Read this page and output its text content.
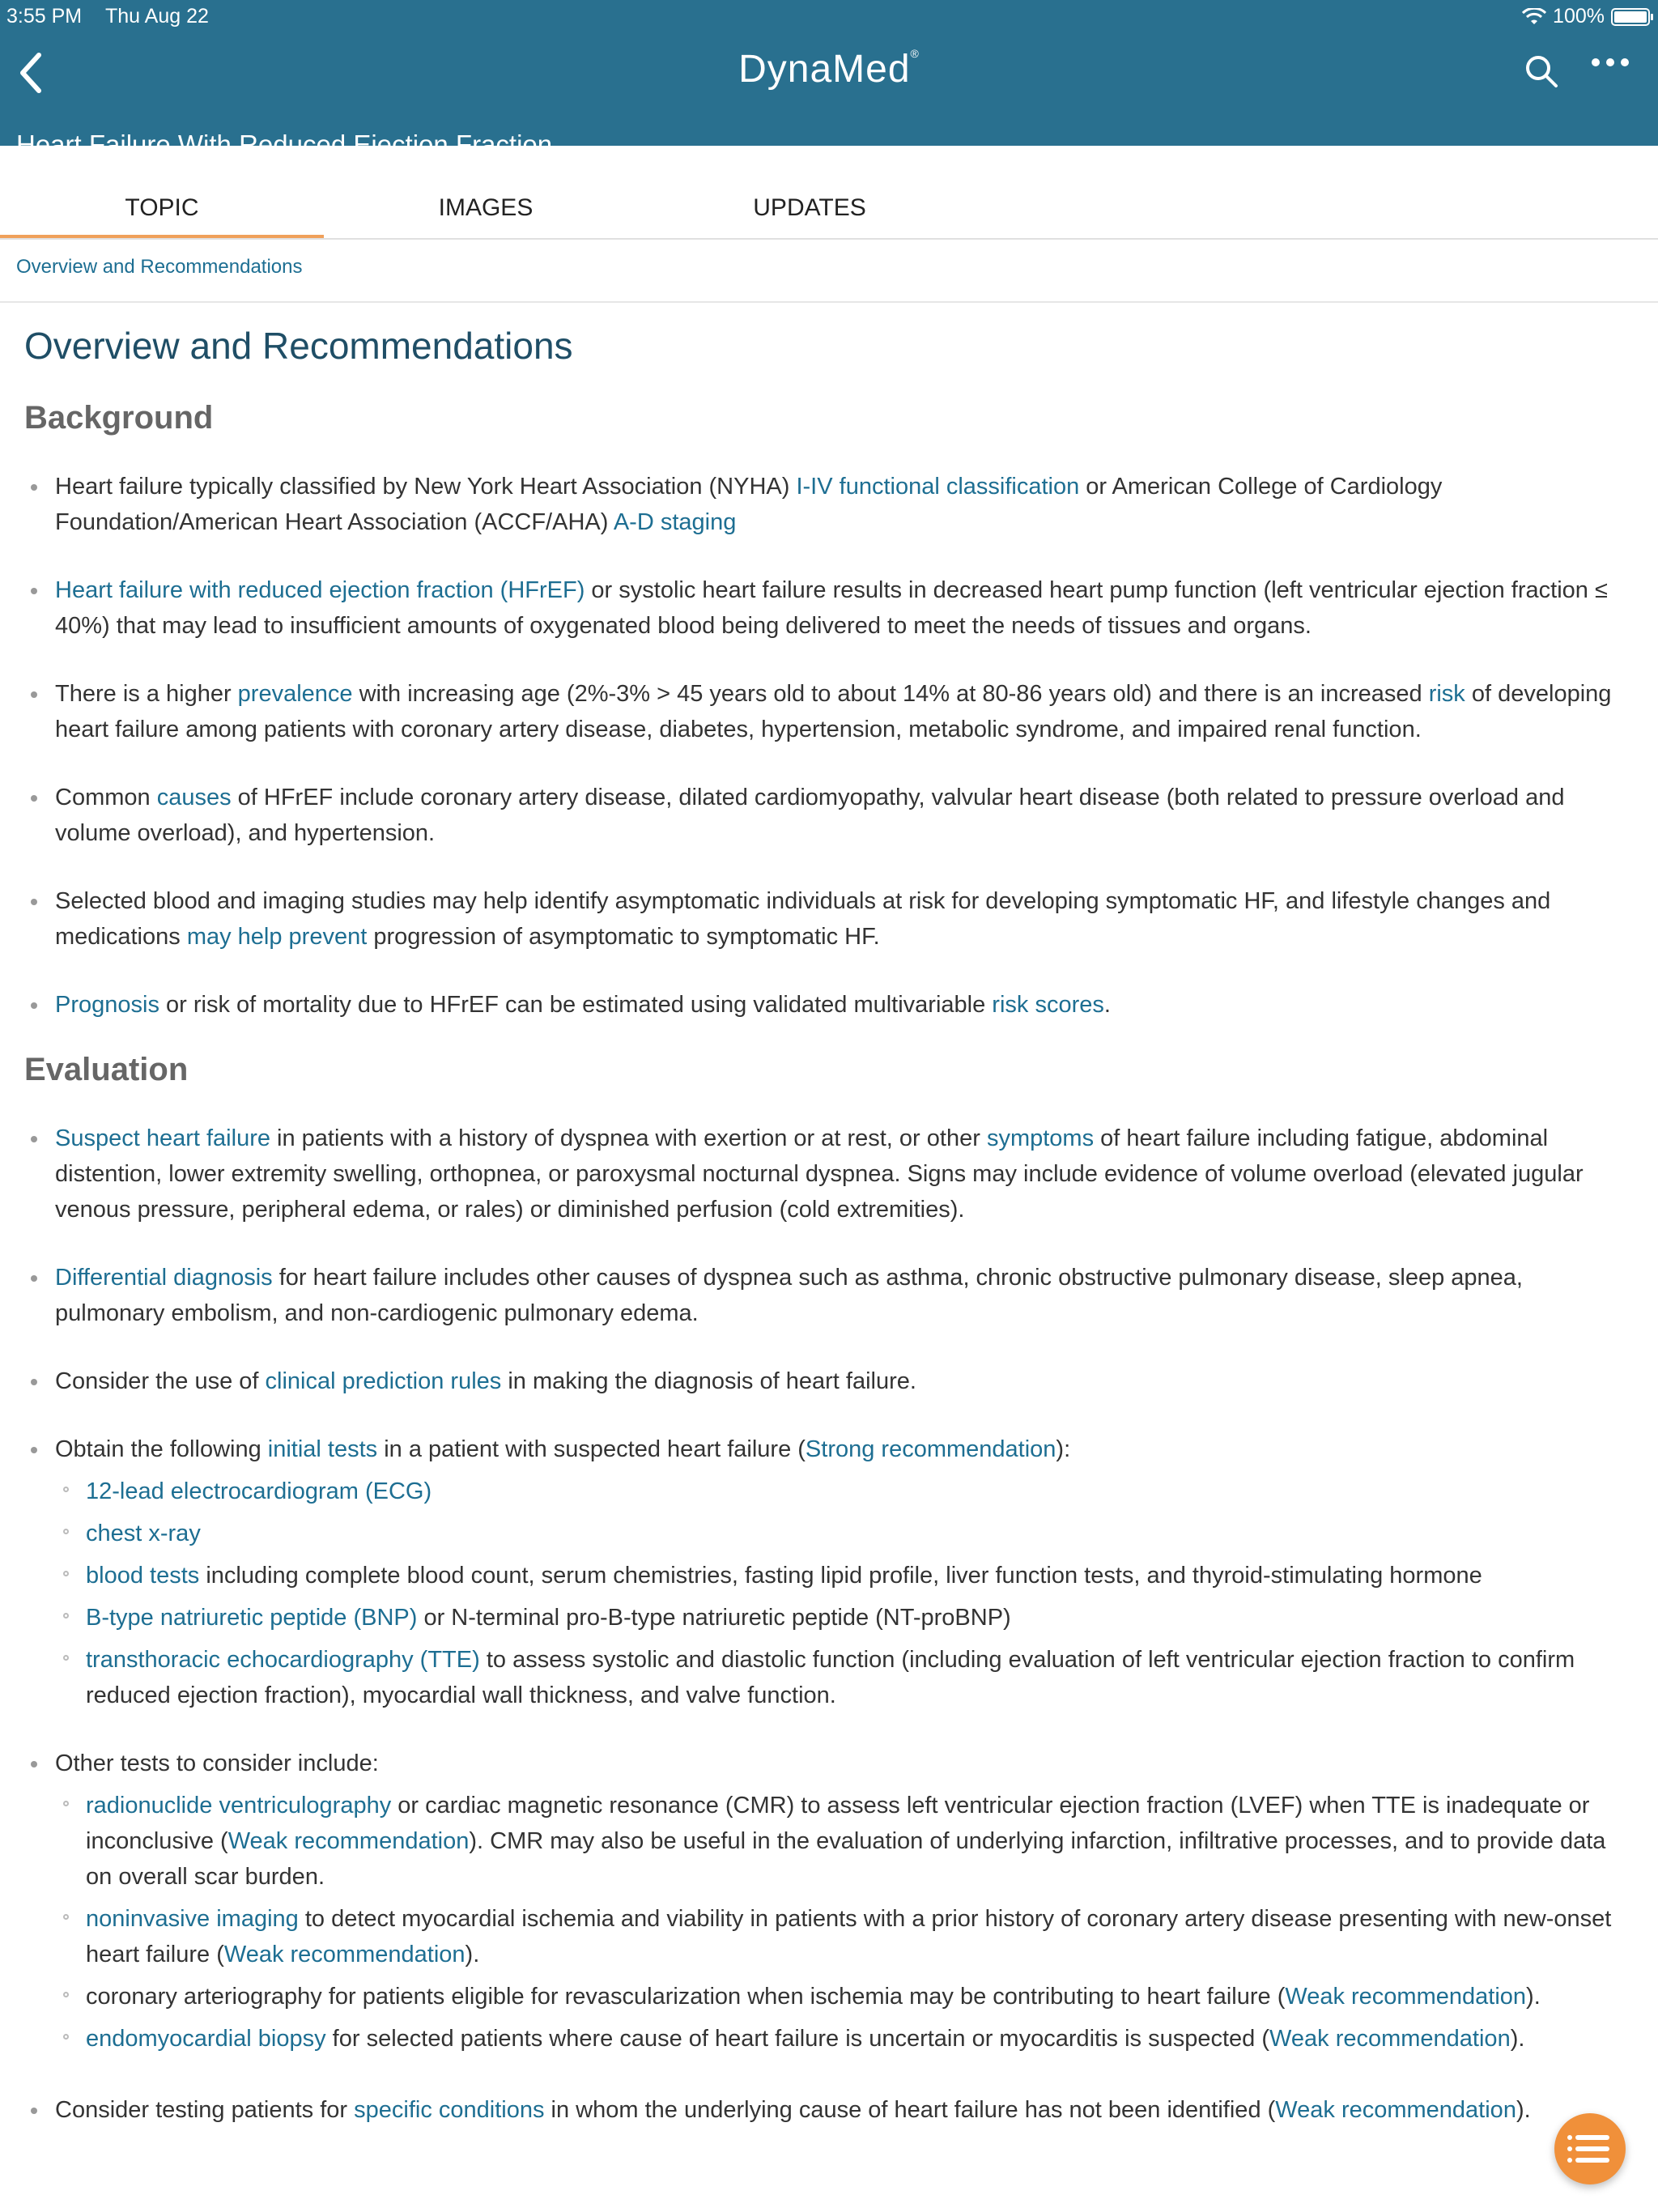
3:55 PM Thu Aug 22	100%
DynaMed®
Heart Failure With Reduced Ejection Fraction
TOPIC	IMAGES	UPDATES
Overview and Recommendations
Overview and Recommendations
Background
Heart failure typically classified by New York Heart Association (NYHA) I-IV functional classification or American College of Cardiology Foundation/American Heart Association (ACCF/AHA) A-D staging
Heart failure with reduced ejection fraction (HFrEF) or systolic heart failure results in decreased heart pump function (left ventricular ejection fraction ≤ 40%) that may lead to insufficient amounts of oxygenated blood being delivered to meet the needs of tissues and organs.
There is a higher prevalence with increasing age (2%-3% > 45 years old to about 14% at 80-86 years old) and there is an increased risk of developing heart failure among patients with coronary artery disease, diabetes, hypertension, metabolic syndrome, and impaired renal function.
Common causes of HFrEF include coronary artery disease, dilated cardiomyopathy, valvular heart disease (both related to pressure overload and volume overload), and hypertension.
Selected blood and imaging studies may help identify asymptomatic individuals at risk for developing symptomatic HF, and lifestyle changes and medications may help prevent progression of asymptomatic to symptomatic HF.
Prognosis or risk of mortality due to HFrEF can be estimated using validated multivariable risk scores.
Evaluation
Suspect heart failure in patients with a history of dyspnea with exertion or at rest, or other symptoms of heart failure including fatigue, abdominal distention, lower extremity swelling, orthopnea, or paroxysmal nocturnal dyspnea. Signs may include evidence of volume overload (elevated jugular venous pressure, peripheral edema, or rales) or diminished perfusion (cold extremities).
Differential diagnosis for heart failure includes other causes of dyspnea such as asthma, chronic obstructive pulmonary disease, sleep apnea, pulmonary embolism, and non-cardiogenic pulmonary edema.
Consider the use of clinical prediction rules in making the diagnosis of heart failure.
Obtain the following initial tests in a patient with suspected heart failure (Strong recommendation):
12-lead electrocardiogram (ECG)
chest x-ray
blood tests including complete blood count, serum chemistries, fasting lipid profile, liver function tests, and thyroid-stimulating hormone
B-type natriuretic peptide (BNP) or N-terminal pro-B-type natriuretic peptide (NT-proBNP)
transthoracic echocardiography (TTE) to assess systolic and diastolic function (including evaluation of left ventricular ejection fraction to confirm reduced ejection fraction), myocardial wall thickness, and valve function.
Other tests to consider include:
radionuclide ventriculography or cardiac magnetic resonance (CMR) to assess left ventricular ejection fraction (LVEF) when TTE is inadequate or inconclusive (Weak recommendation). CMR may also be useful in the evaluation of underlying infarction, infiltrative processes, and to provide data on overall scar burden.
noninvasive imaging to detect myocardial ischemia and viability in patients with a prior history of coronary artery disease presenting with new-onset heart failure (Weak recommendation).
coronary arteriography for patients eligible for revascularization when ischemia may be contributing to heart failure (Weak recommendation).
endomyocardial biopsy for selected patients where cause of heart failure is uncertain or myocarditis is suspected (Weak recommendation).
Consider testing patients for specific conditions in whom the underlying cause of heart failure has not been identified (Weak recommendation).
